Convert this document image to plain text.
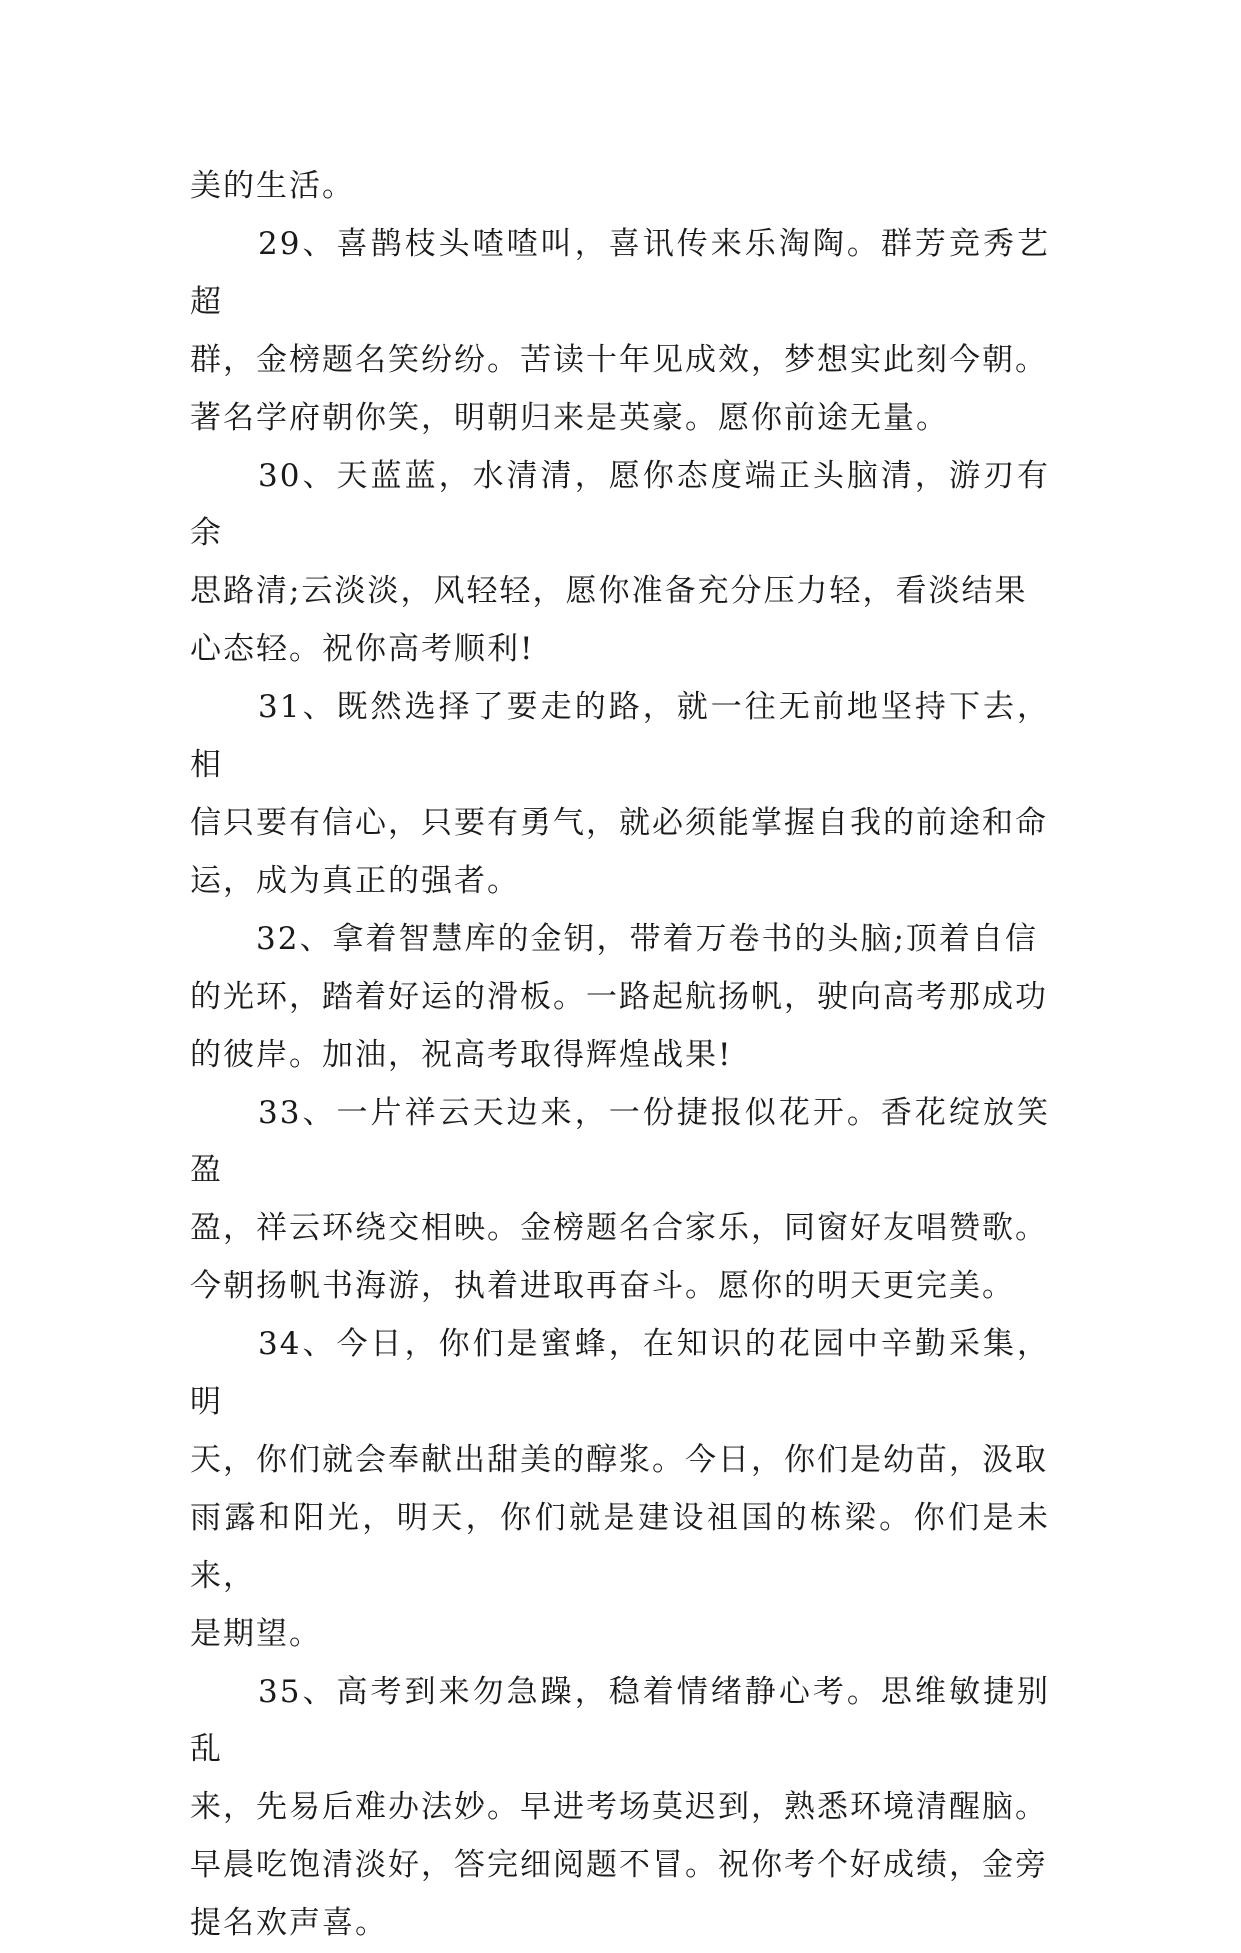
美的生活。

　　29、喜鹊枝头喳喳叫，喜讯传来乐淘陶。群芳竞秀艺超
群，金榜题名笑纷纷。苦读十年见成效，梦想实此刻今朝。
著名学府朝你笑，明朝归来是英豪。愿你前途无量。

　　30、天蓝蓝，水清清，愿你态度端正头脑清，游刃有余
思路清;云淡淡，风轻轻，愿你准备充分压力轻，看淡结果
心态轻。祝你高考顺利!

　　31、既然选择了要走的路，就一往无前地坚持下去，相
信只要有信心，只要有勇气，就必须能掌握自我的前途和命
运，成为真正的强者。

　　32、拿着智慧库的金钥，带着万卷书的头脑;顶着自信
的光环，踏着好运的滑板。一路起航扬帆，驶向高考那成功
的彼岸。加油，祝高考取得辉煌战果!

　　33、一片祥云天边来，一份捷报似花开。香花绽放笑盈
盈，祥云环绕交相映。金榜题名合家乐，同窗好友唱赞歌。
今朝扬帆书海游，执着进取再奋斗。愿你的明天更完美。

　　34、今日，你们是蜜蜂，在知识的花园中辛勤采集，明
天，你们就会奉献出甜美的醇浆。今日，你们是幼苗，汲取
雨露和阳光，明天，你们就是建设祖国的栋梁。你们是未来，
是期望。

　　35、高考到来勿急躁，稳着情绪静心考。思维敏捷别乱
来，先易后难办法妙。早进考场莫迟到，熟悉环境清醒脑。
早晨吃饱清淡好，答完细阅题不冒。祝你考个好成绩，金旁
提名欢声喜。
